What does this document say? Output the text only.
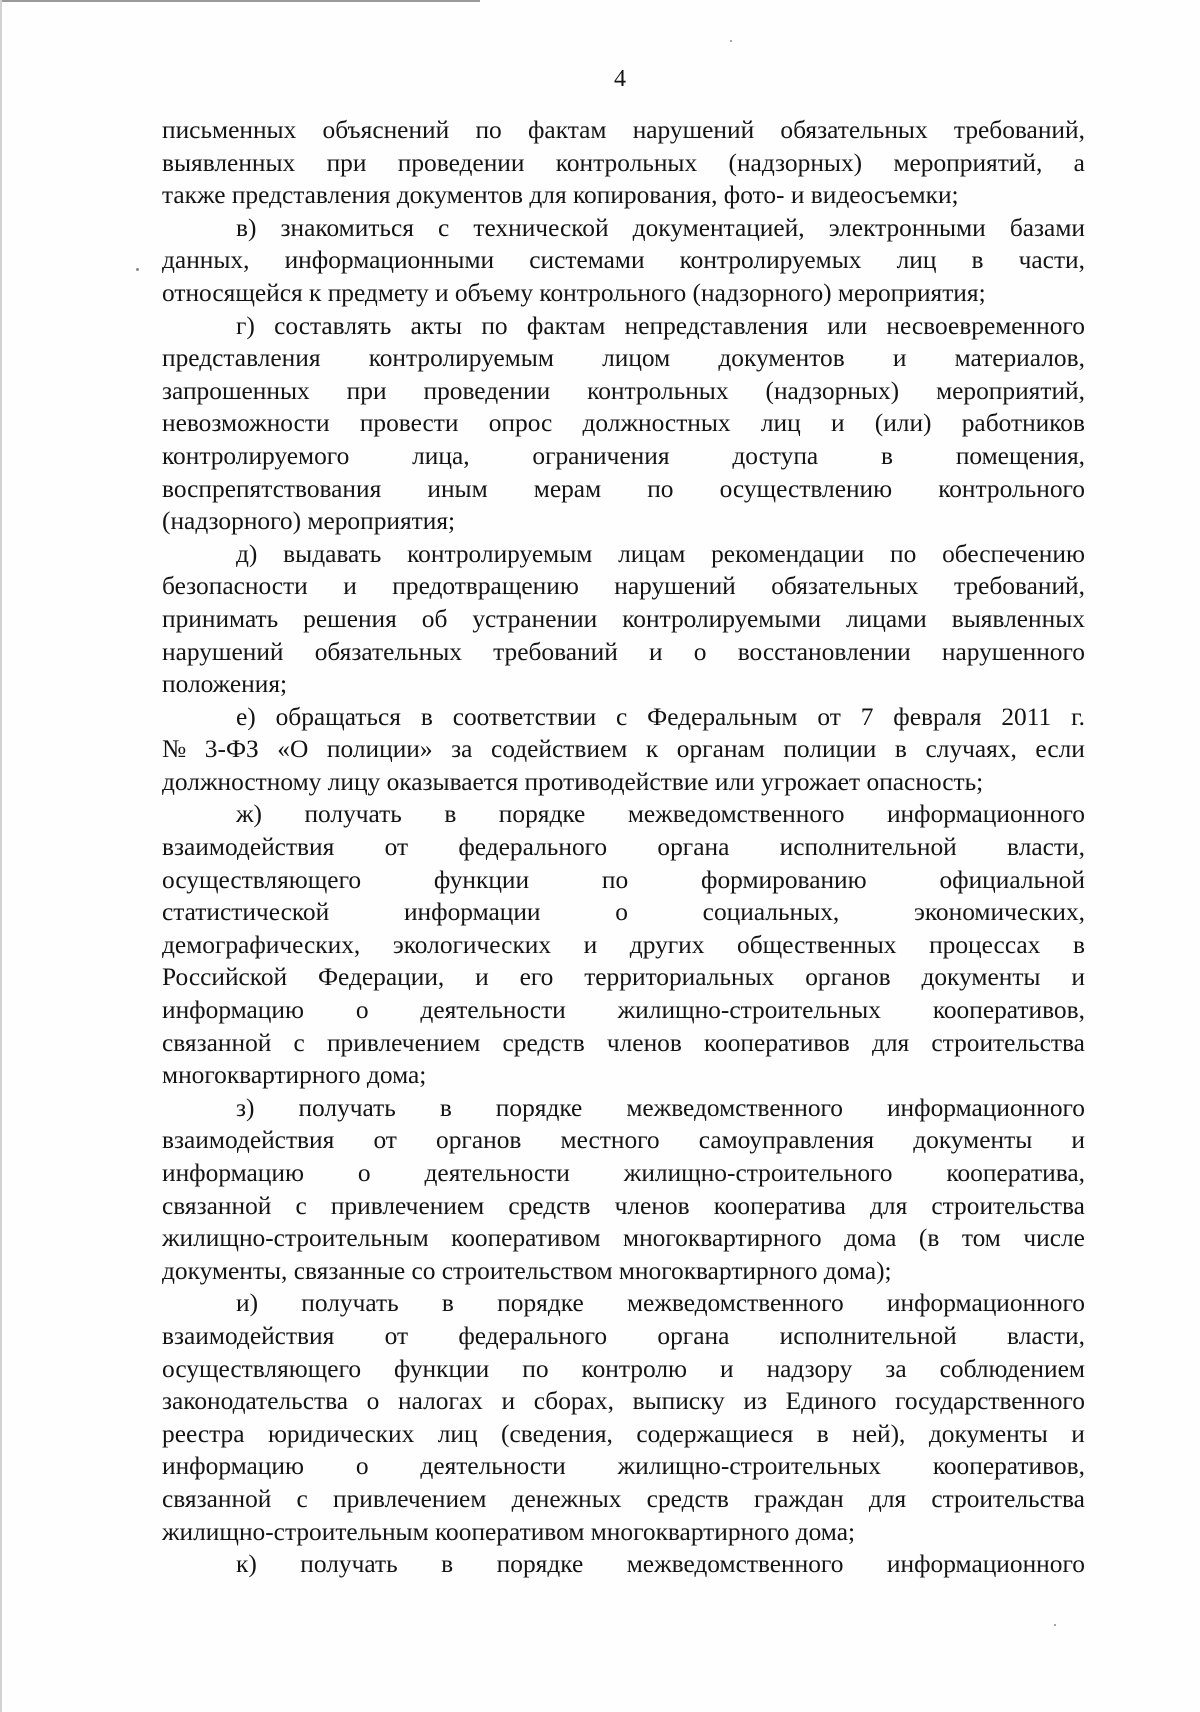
4
письменных объяснений по фактам нарушений обязательных требований,
выявленных при проведении контрольных (надзорных) мероприятий, а
также представления документов для копирования, фото- и видеосъемки;
в) знакомиться с технической документацией, электронными базами
данных, информационными системами контролируемых лиц в части,
относящейся к предмету и объему контрольного (надзорного) мероприятия;
г) составлять акты по фактам непредставления или несвоевременного
представления контролируемым лицом документов и материалов,
запрошенных при проведении контрольных (надзорных) мероприятий,
невозможности провести опрос должностных лиц и (или) работников
контролируемого лица, ограничения доступа в помещения,
воспрепятствования иным мерам по осуществлению контрольного
(надзорного) мероприятия;
д) выдавать контролируемым лицам рекомендации по обеспечению
безопасности и предотвращению нарушений обязательных требований,
принимать решения об устранении контролируемыми лицами выявленных
нарушений обязательных требований и о восстановлении нарушенного
положения;
е) обращаться в соответствии с Федеральным от 7 февраля 2011 г.
№ 3-ФЗ «О полиции» за содействием к органам полиции в случаях, если
должностному лицу оказывается противодействие или угрожает опасность;
ж) получать в порядке межведомственного информационного
взаимодействия от федерального органа исполнительной власти,
осуществляющего	функции	по	формированию	официальной
статистической	информации	о	социальных,	экономических,
демографических, экологических и других общественных процессах в
Российской Федерации, и его территориальных органов документы и
информацию о деятельности жилищно-строительных кооперативов,
связанной с привлечением средств членов кооперативов для строительства
многоквартирного дома;
з) получать в порядке межведомственного информационного
взаимодействия от органов местного самоуправления документы и
информацию о деятельности жилищно-строительного кооператива,
связанной с привлечением средств членов кооператива для строительства
жилищно-строительным кооперативом многоквартирного дома (в том числе
документы, связанные со строительством многоквартирного дома);
и) получать в порядке межведомственного информационного
взаимодействия от федерального органа исполнительной власти,
осуществляющего функции по контролю и надзору за соблюдением
законодательства о налогах и сборах, выписку из Единого государственного
реестра юридических лиц (сведения, содержащиеся в ней), документы и
информацию о деятельности жилищно-строительных кооперативов,
связанной с привлечением денежных средств граждан для строительства
жилищно-строительным кооперативом многоквартирного дома;
к) получать в порядке межведомственного информационного
